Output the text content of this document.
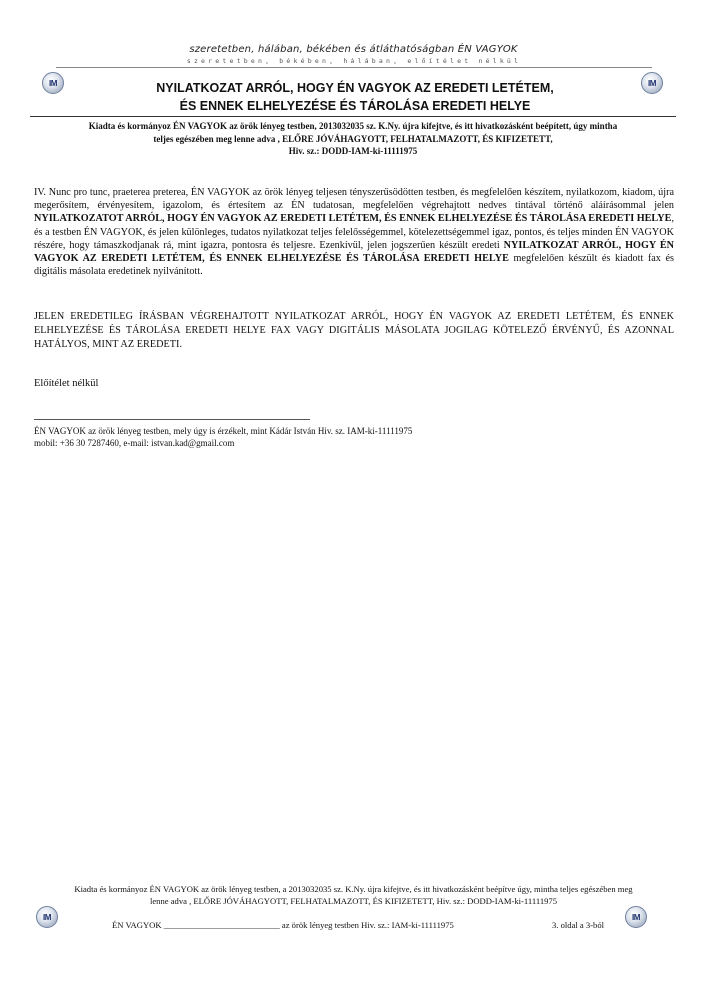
szeretetben, hálában, békében és átláthatóságban ÉN VAGYOK
szeretetben, békében, hálában, előítélet nélkül
IM	IM
NYILATKOZAT ARRÓL, HOGY ÉN VAGYOK AZ EREDETI LETÉTEM,
ÉS ENNEK ELHELYEZÉSE ÉS TÁROLÁSA EREDETI HELYE
Kiadta és kormányoz ÉN VAGYOK az örök lényeg testben, 2013032035 sz. K.Ny. újra kifejtve, és itt hivatkozásként beépített, úgy mintha
teljes egészében meg lenne adva , ELŐRE JÓVÁHAGYOTT, FELHATALMAZOTT, ÉS KIFIZETETT,
Hiv. sz.: DODD-IAM-ki-11111975
IV. Nunc pro tunc, praeterea preterea, ÉN VAGYOK az örök lényeg teljesen tényszerűsödötten testben, és megfelelően készítem, nyilatkozom, kiadom, újra megerősítem, érvényesítem, igazolom, és értesítem az ÉN tudatosan, megfelelően végrehajtott nedves tintával történő aláírásommal jelen NYILATKOZATOT ARRÓL, HOGY ÉN VAGYOK AZ EREDETI LETÉTEM, ÉS ENNEK ELHELYEZÉSE ÉS TÁROLÁSA EREDETI HELYE, és a testben ÉN VAGYOK, és jelen különleges, tudatos nyilatkozat teljes felelősségemmel, kötelezettségemmel igaz, pontos, és teljes minden ÉN VAGYOK részére, hogy támaszkodjanak rá, mint igazra, pontosra és teljesre. Ezenkívül, jelen jogszerűen készült eredeti NYILATKOZAT ARRÓL, HOGY ÉN VAGYOK AZ EREDETI LETÉTEM, ÉS ENNEK ELHELYEZÉSE ÉS TÁROLÁSA EREDETI HELYE megfelelően készült és kiadott fax és digitális másolata eredetinek nyilvánított.
JELEN EREDETILEG ÍRÁSBAN VÉGREHAJTOTT NYILATKOZAT ARRÓL, HOGY ÉN VAGYOK AZ EREDETI LETÉTEM, ÉS ENNEK ELHELYEZÉSE ÉS TÁROLÁSA EREDETI HELYE FAX VAGY DIGITÁLIS MÁSOLATA JOGILAG KÖTELEZŐ ÉRVÉNYŰ, ÉS AZONNAL HATÁLYOS, MINT AZ EREDETI.
Előítélet nélkül
ÉN VAGYOK az örök lényeg testben, mely úgy is érzékelt, mint Kádár István Hiv. sz. IAM-ki-11111975
mobil: +36 30 7287460, e-mail: istvan.kad@gmail.com
Kiadta és kormányoz ÉN VAGYOK az örök lényeg testben, a 2013032035 sz. K.Ny. újra kifejtve, és itt hivatkozásként beépítve úgy, mintha teljes egészében meg
lenne adva , ELŐRE JÓVÁHAGYOTT, FELHATALMAZOTT, ÉS KIFIZETETT, Hiv. sz.: DODD-IAM-ki-11111975
IM	IM
ÉN VAGYOK ___________________________ az örök lényeg testben Hiv. sz.: IAM-ki-11111975	3. oldal a 3-ból
